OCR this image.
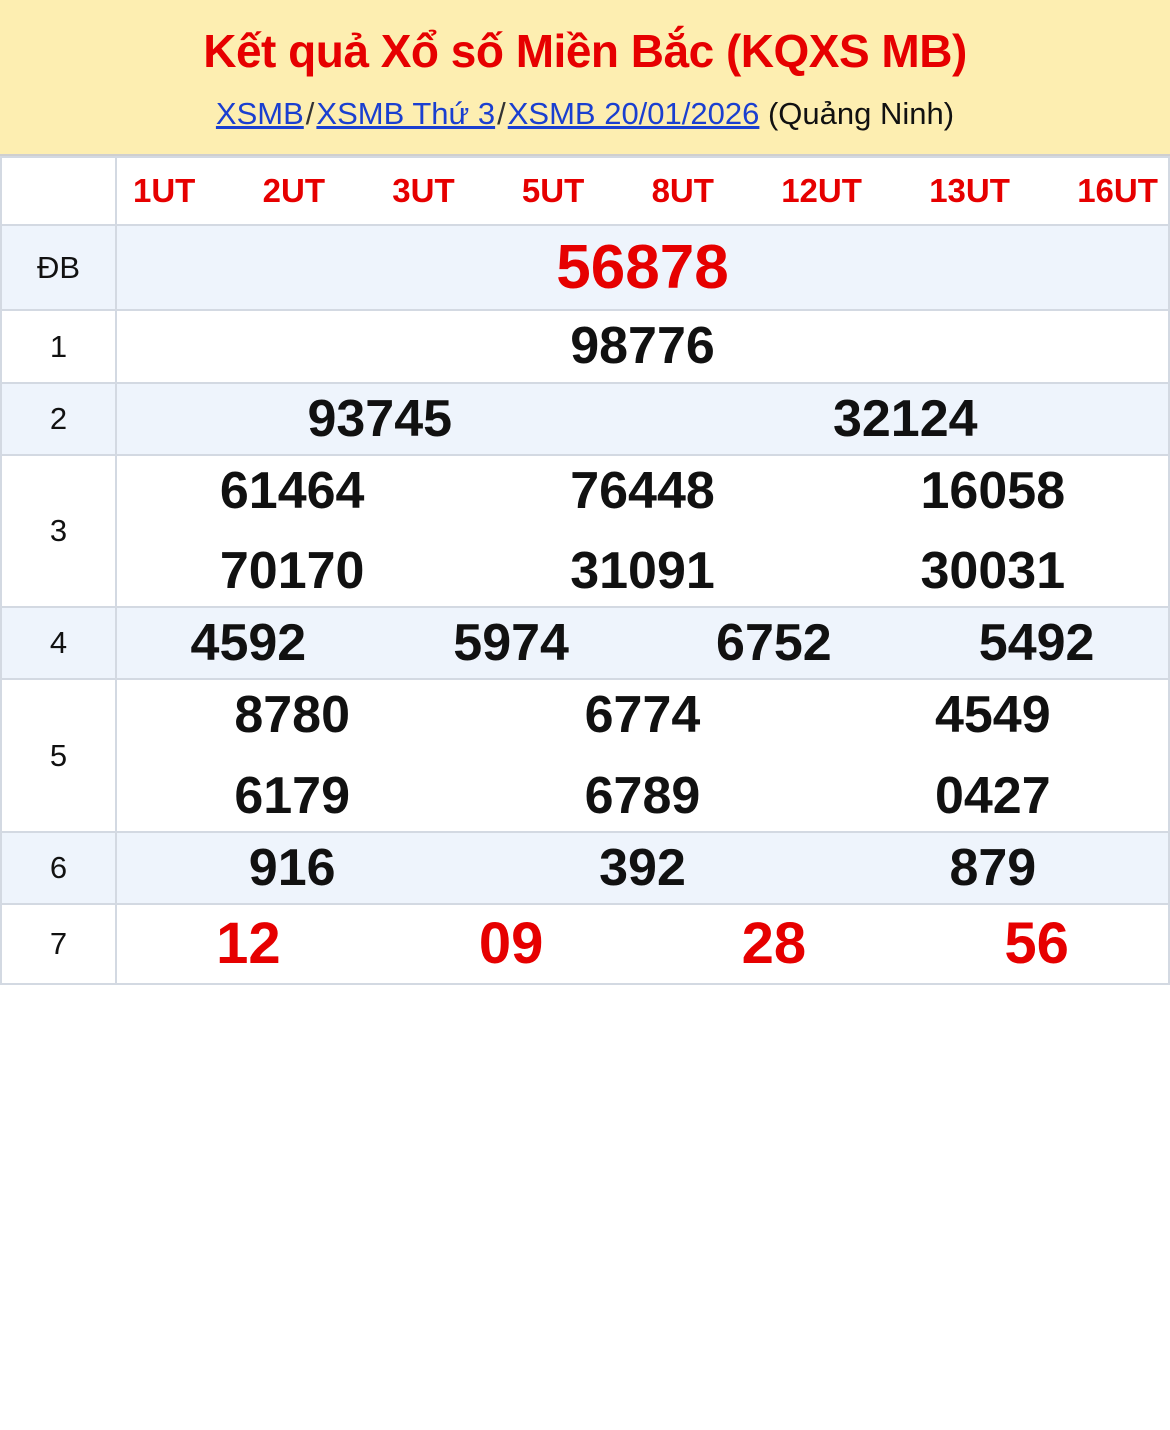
Kết quả Xổ số Miền Bắc (KQXS MB)
XSMB/XSMB Thứ 3/XSMB 20/01/2026 (Quảng Ninh)

1UT 2UT 3UT 5UT 8UT 12UT 13UT 16UT

ĐB	56878

1	98776

2	93745 32124

3	
61464	76448	16058
70170	31091	30031

4	4592 5974 6752 5492

5	
8780	6774	4549
6179	6789	0427

6	916 392 879

7	12 09 28 56
